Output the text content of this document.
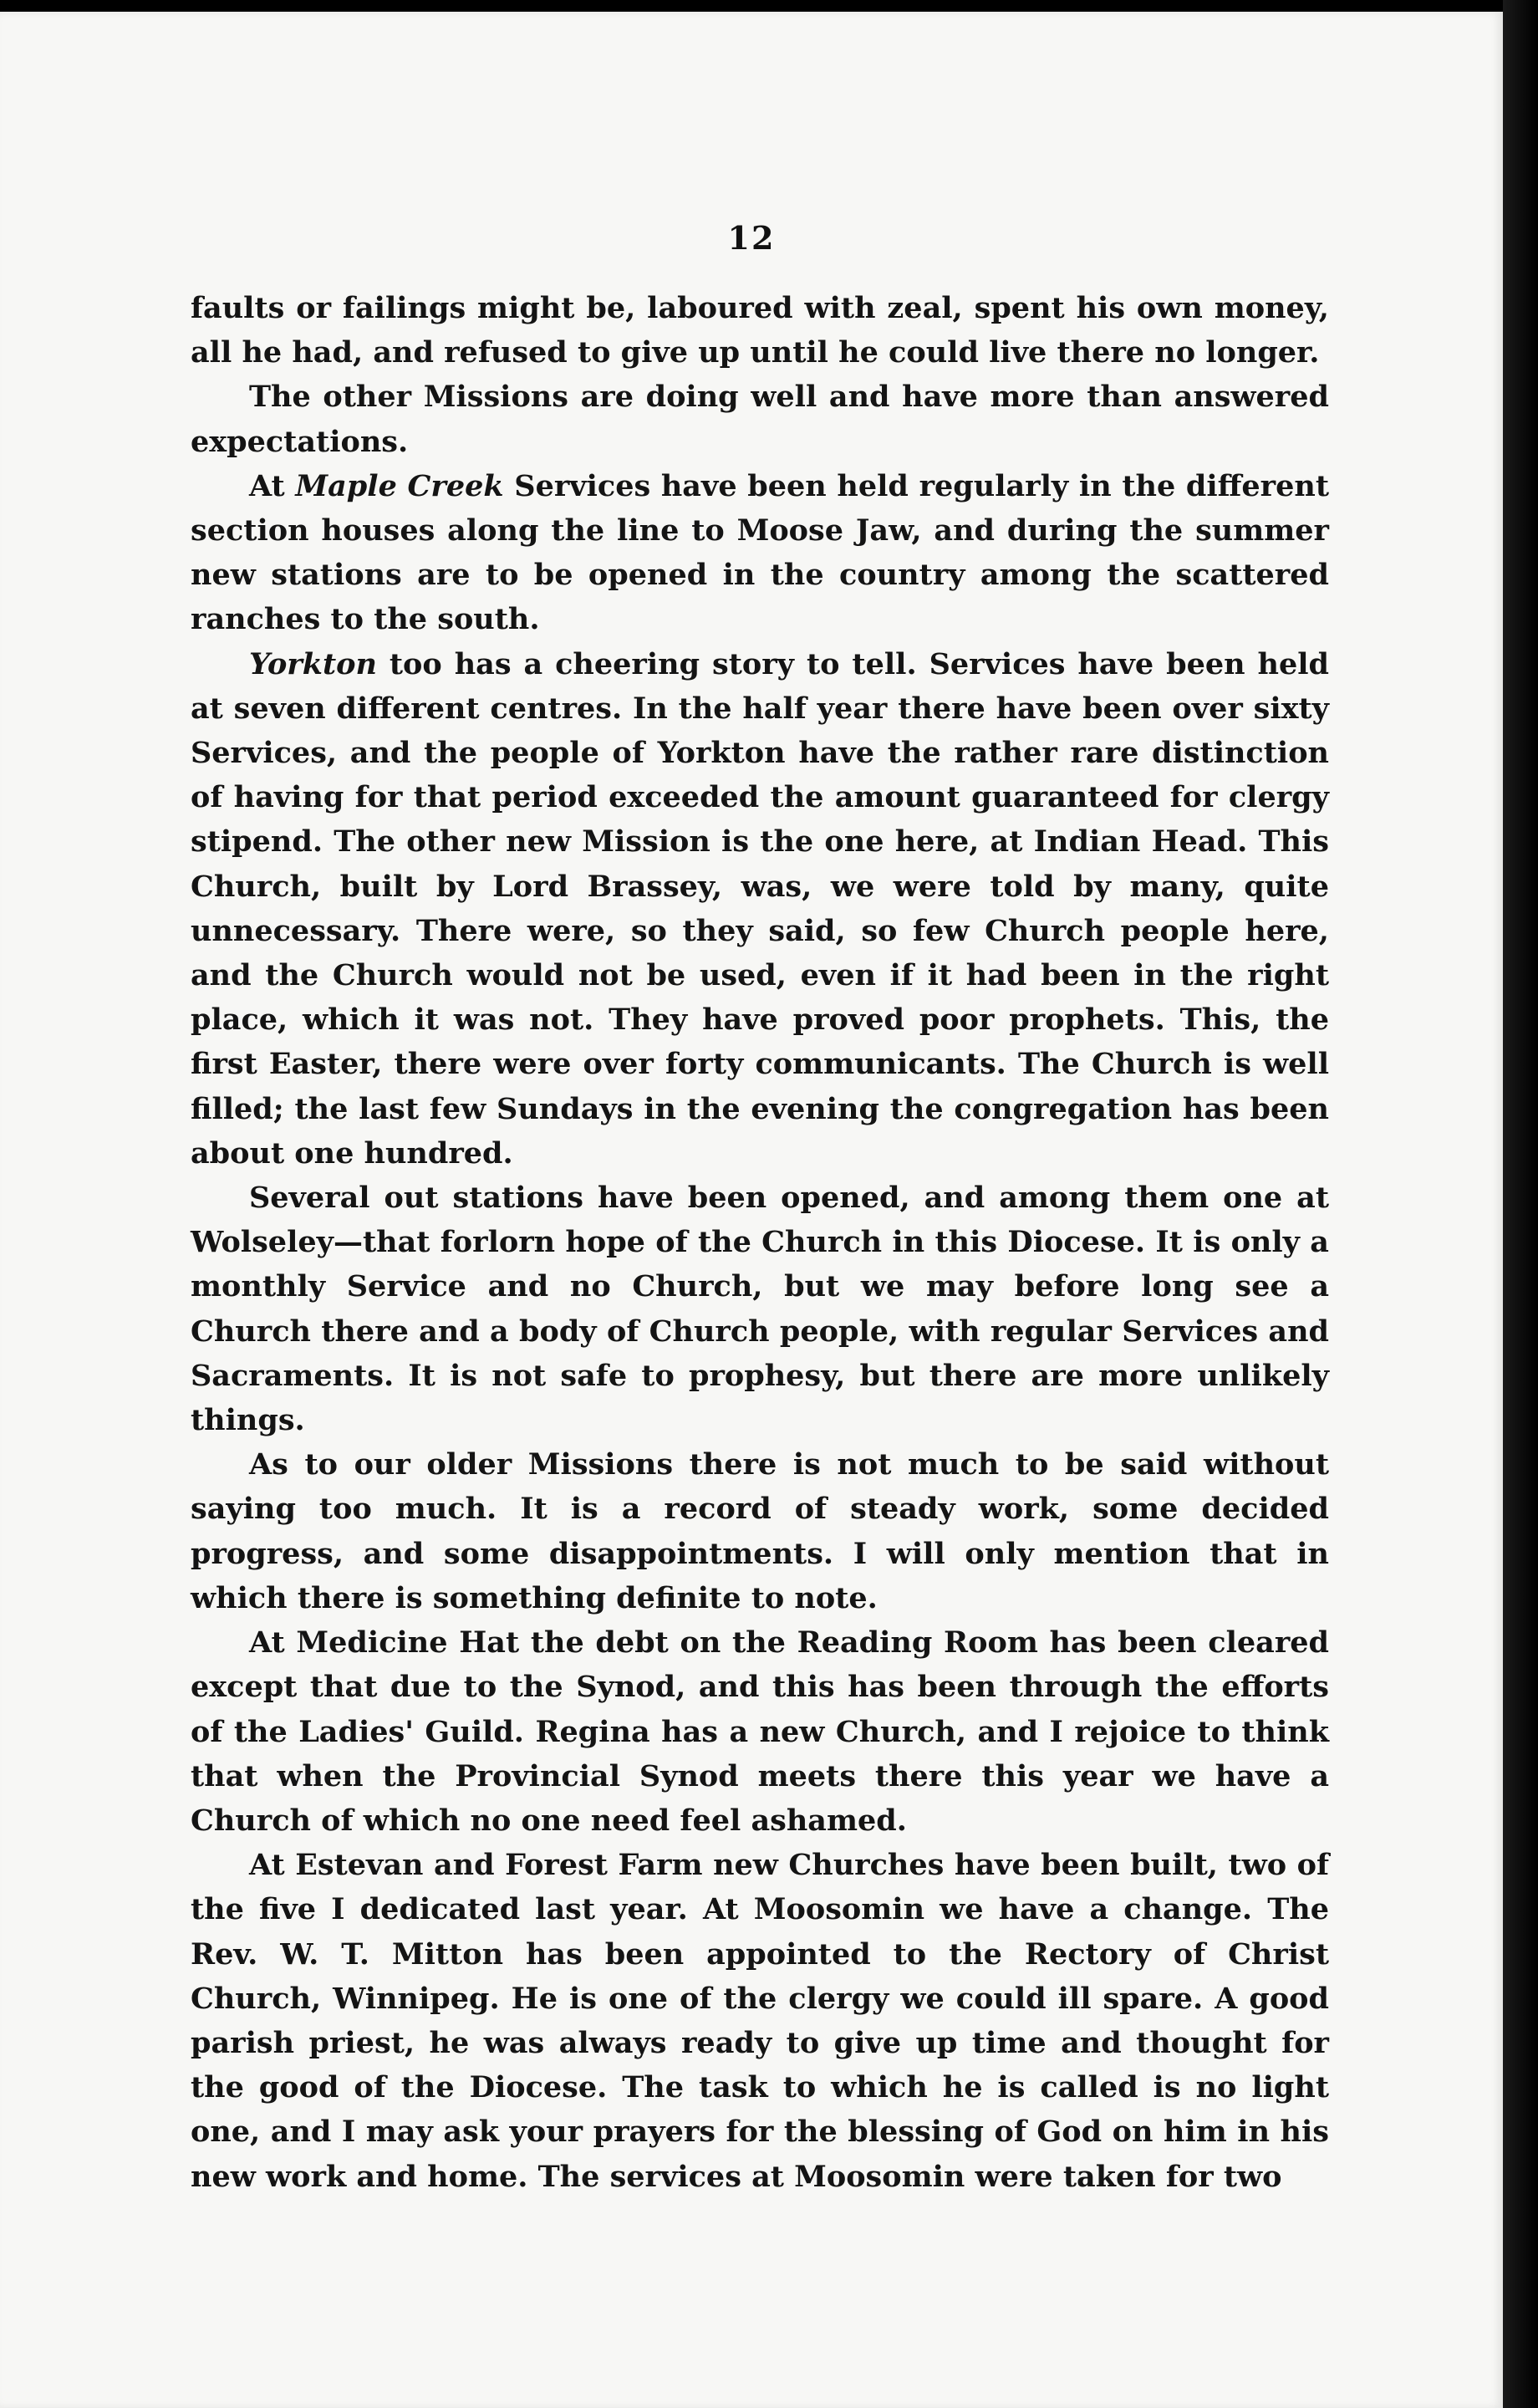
12

faults or failings might be, laboured with zeal, spent his own money, all he had, and refused to give up until he could live there no longer.

The other Missions are doing well and have more than answered expectations.

At Maple Creek Services have been held regularly in the different section houses along the line to Moose Jaw, and during the summer new stations are to be opened in the country among the scattered ranches to the south.

Yorkton too has a cheering story to tell. Services have been held at seven different centres. In the half year there have been over sixty Services, and the people of Yorkton have the rather rare distinction of having for that period exceeded the amount guaranteed for clergy stipend. The other new Mission is the one here, at Indian Head. This Church, built by Lord Brassey, was, we were told by many, quite unnecessary. There were, so they said, so few Church people here, and the Church would not be used, even if it had been in the right place, which it was not. They have proved poor prophets. This, the first Easter, there were over forty communicants. The Church is well filled; the last few Sundays in the evening the congregation has been about one hundred.

Several out stations have been opened, and among them one at Wolseley—that forlorn hope of the Church in this Diocese. It is only a monthly Service and no Church, but we may before long see a Church there and a body of Church people, with regular Services and Sacraments. It is not safe to prophesy, but there are more unlikely things.

As to our older Missions there is not much to be said without saying too much. It is a record of steady work, some decided progress, and some disappointments. I will only mention that in which there is something definite to note.

At Medicine Hat the debt on the Reading Room has been cleared except that due to the Synod, and this has been through the efforts of the Ladies' Guild. Regina has a new Church, and I rejoice to think that when the Provincial Synod meets there this year we have a Church of which no one need feel ashamed.

At Estevan and Forest Farm new Churches have been built, two of the five I dedicated last year. At Moosomin we have a change. The Rev. W. T. Mitton has been appointed to the Rectory of Christ Church, Winnipeg. He is one of the clergy we could ill spare. A good parish priest, he was always ready to give up time and thought for the good of the Diocese. The task to which he is called is no light one, and I may ask your prayers for the blessing of God on him in his new work and home. The services at Moosomin were taken for two
